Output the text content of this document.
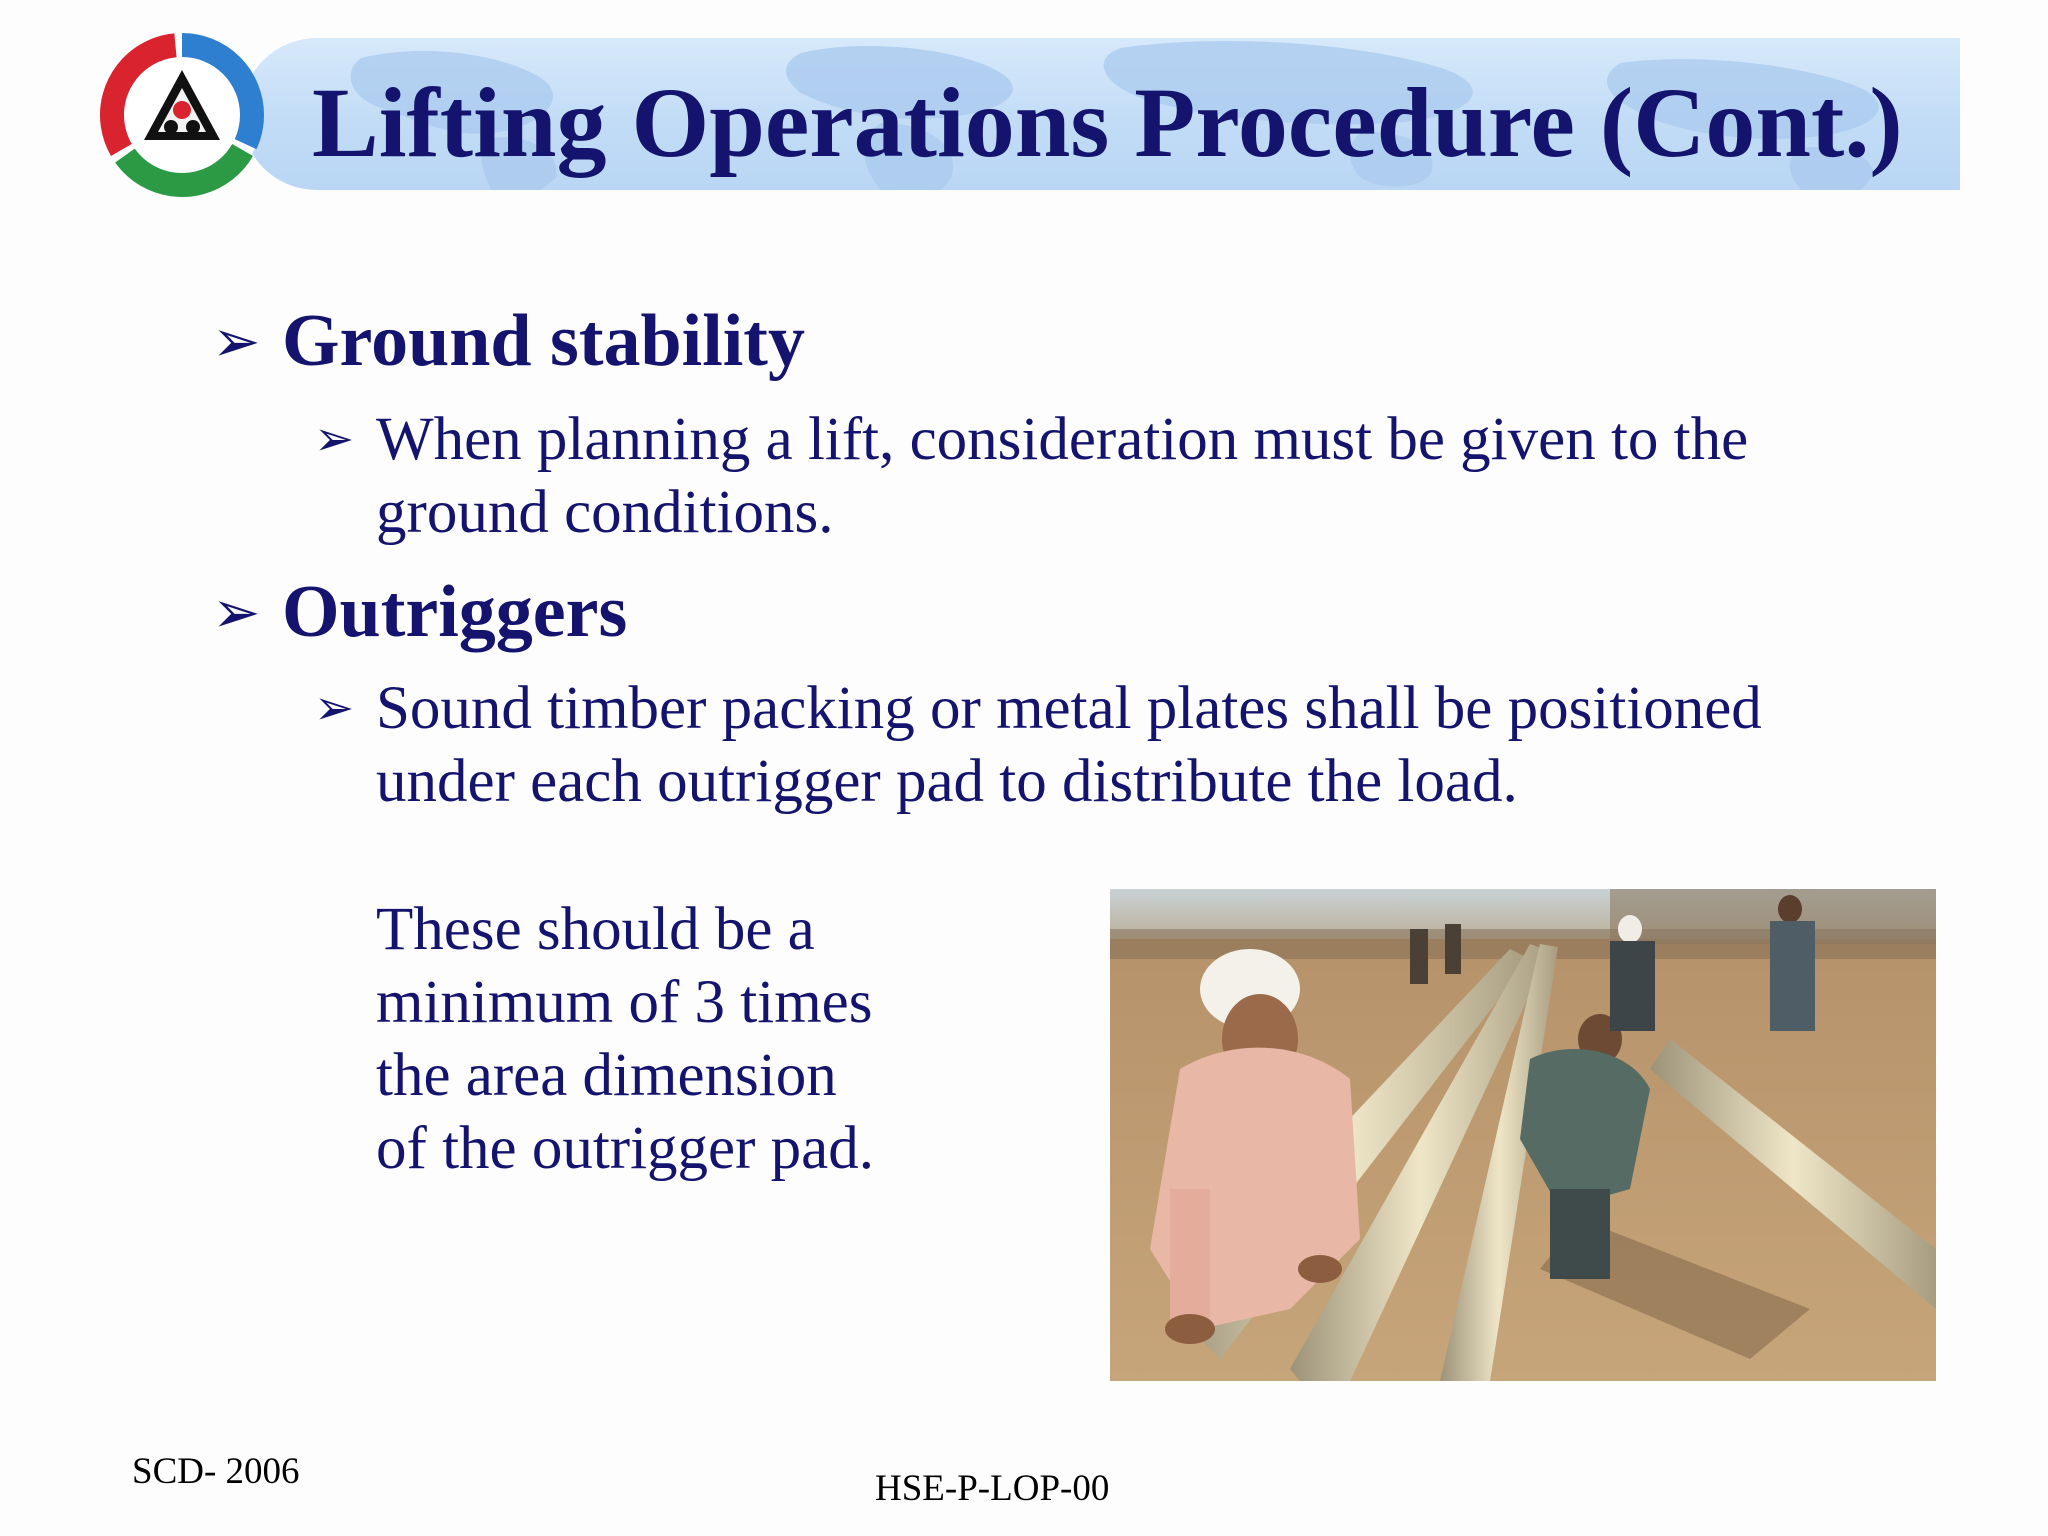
Lifting Operations Procedure (Cont.)
➢ Ground stability
➢ When planning a lift, consideration must be given to the ground conditions.
➢ Outriggers
➢ Sound timber packing or metal plates shall be positioned under each outrigger pad to distribute the load.
These should be a
minimum of 3 times
the area dimension
of the outrigger pad.
SCD- 2006	HSE-P-LOP-00
